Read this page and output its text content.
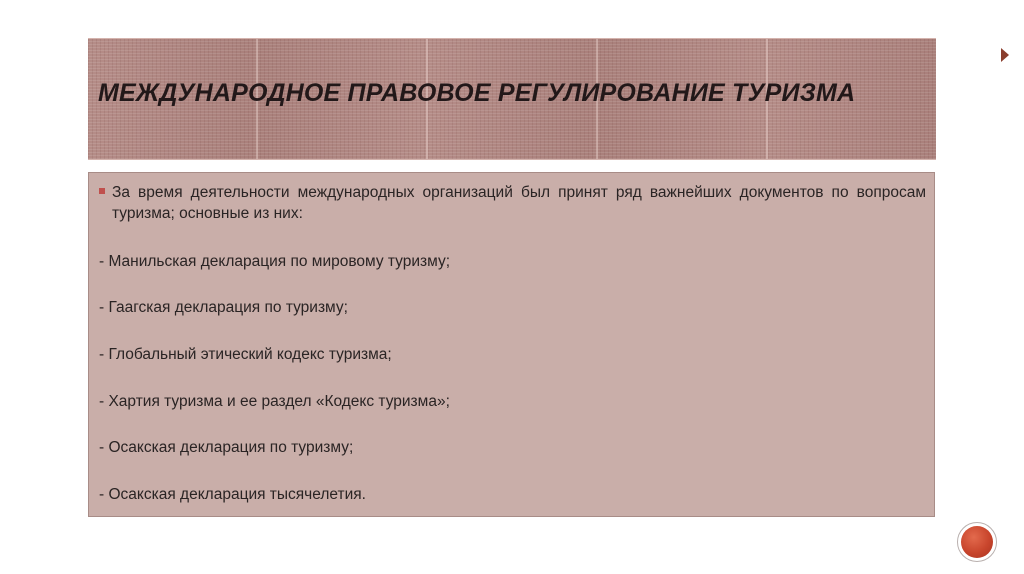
МЕЖДУНАРОДНОЕ ПРАВОВОЕ РЕГУЛИРОВАНИЕ ТУРИЗМА
За время деятельности международных организаций был принят ряд важнейших документов по вопросам туризма; основные из них:
- Манильская декларация по мировому туризму;
- Гаагская декларация по туризму;
- Глобальный этический кодекс туризма;
- Хартия туризма и ее раздел «Кодекс туризма»;
- Осакская декларация по туризму;
- Осакская декларация тысячелетия.
